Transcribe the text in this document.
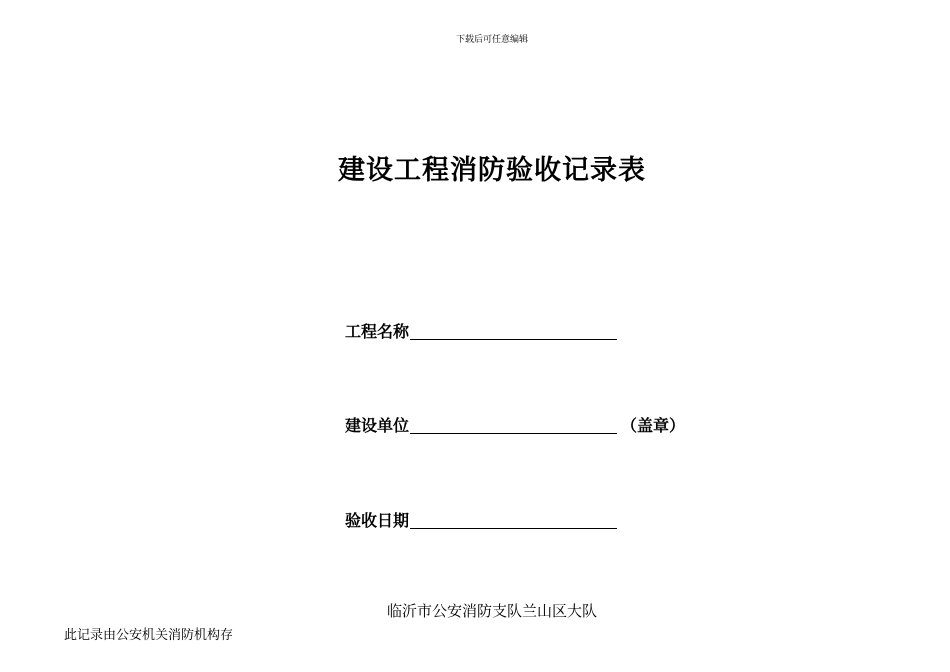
下载后可任意编辑
建设工程消防验收记录表
工程名称
建设单位	（盖章）
验收日期
临沂市公安消防支队兰山区大队
此记录由公安机关消防机构存
